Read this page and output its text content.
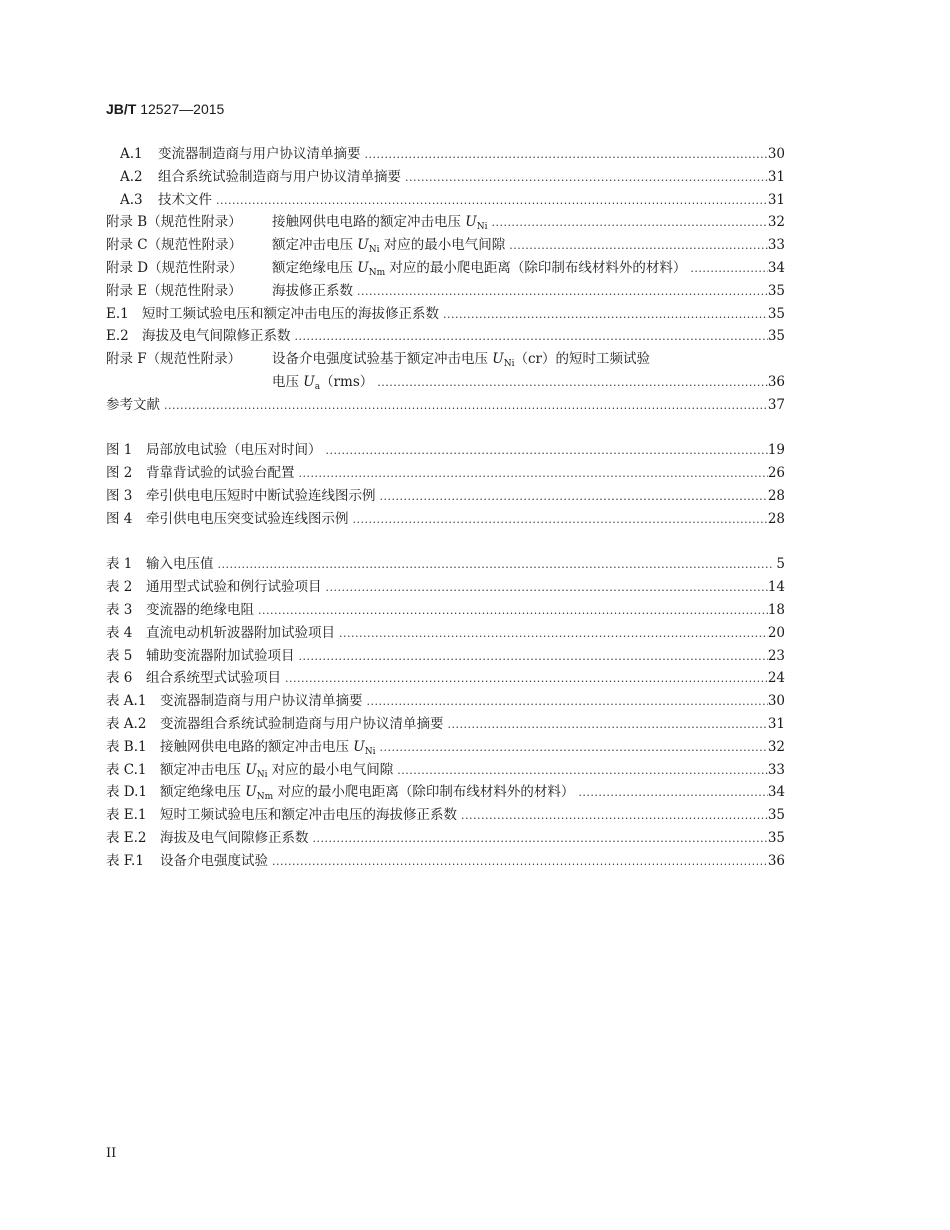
JB/T 12527—2015
A.1 变流器制造商与用户协议清单摘要 .....	30
A.2 组合系统试验制造商与用户协议清单摘要 .....	31
A.3 技术文件 .....	31
附录 B（规范性附录） 接触网供电电路的额定冲击电压 $U_{Ni}$ .....	32
附录 C（规范性附录） 额定冲击电压 $U_{Ni}$ 对应的最小电气间隙 .....	33
附录 D（规范性附录） 额定绝缘电压 $U_{Nm}$ 对应的最小爬电距离（除印制布线材料外的材料） .....	34
附录 E（规范性附录） 海拔修正系数 .....	35
E.1 短时工频试验电压和额定冲击电压的海拔修正系数 .....	35
E.2 海拔及电气间隙修正系数 .....	35
附录 F（规范性附录） 设备介电强度试验基于额定冲击电压 $U_{Ni}(cr)$的短时工频试验
电压 $U_a(rms)$ .....	36
参考文献 .....	37
图 1 局部放电试验（电压对时间） .....	19
图 2 背靠背试验的试验台配置 .....	26
图 3 牵引供电电压短时中断试验连线图示例 .....	28
图 4 牵引供电电压突变试验连线图示例 .....	28
表 1 输入电压值 .....	5
表 2 通用型式试验和例行试验项目 .....	14
表 3 变流器的绝缘电阻 .....	18
表 4 直流电动机斩波器附加试验项目 .....	20
表 5 辅助变流器附加试验项目 .....	23
表 6 组合系统型式试验项目 .....	24
表 A.1 变流器制造商与用户协议清单摘要 .....	30
表 A.2 变流器组合系统试验制造商与用户协议清单摘要 .....	31
表 B.1 接触网供电电路的额定冲击电压 $U_{Ni}$ .....	32
表 C.1 额定冲击电压 $U_{Ni}$ 对应的最小电气间隙 .....	33
表 D.1 额定绝缘电压 $U_{Nm}$ 对应的最小爬电距离（除印制布线材料外的材料） .....	34
表 E.1 短时工频试验电压和额定冲击电压的海拔修正系数 .....	35
表 E.2 海拔及电气间隙修正系数 .....	35
表 F.1 设备介电强度试验 .....	36
II
